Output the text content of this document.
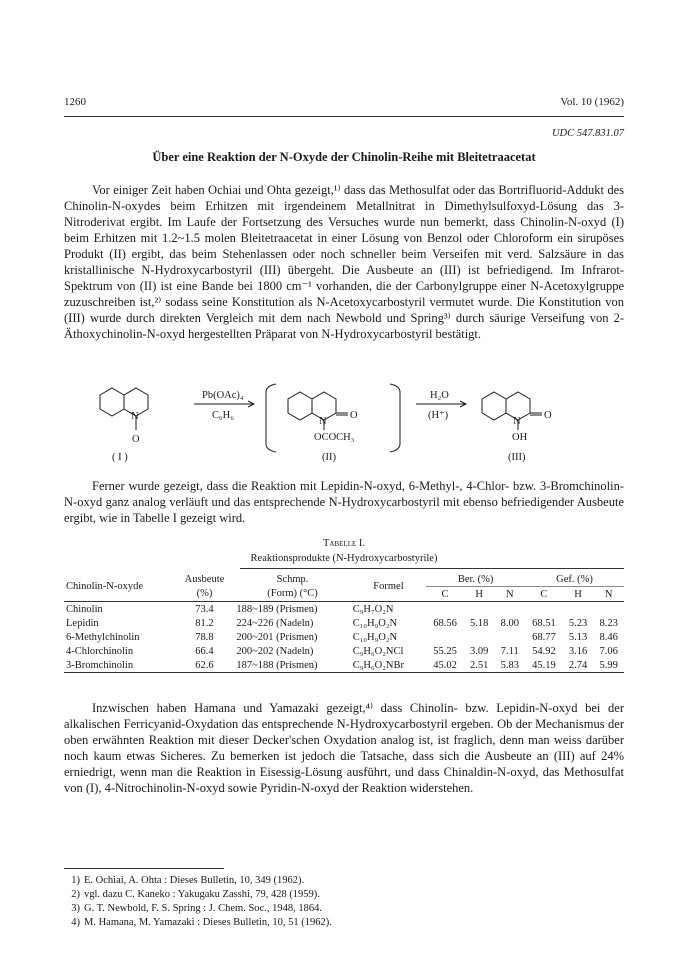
1260	Vol. 10 (1962)
UDC 547.831.07
Über eine Reaktion der N-Oxyde der Chinolin-Reihe mit Bleitetraacetat

Vor einiger Zeit haben Ochiai und Ohta gezeigt,¹⁾ dass das Methosulfat oder das Bortrifluorid-Addukt des Chinolin-N-oxydes beim Erhitzen mit irgendeinem Metallnitrat in Dimethylsulfoxyd-Lösung das 3-Nitroderivat ergibt. Im Laufe der Fortsetzung des Versuches wurde nun bemerkt, dass Chinolin-N-oxyd (I) beim Erhitzen mit 1.2~1.5 molen Bleitetraacetat in einer Lösung von Benzol oder Chloroform ein sirupöses Produkt (II) ergibt, das beim Stehenlassen oder noch schneller beim Verseifen mit verd. Salzsäure in das kristallinische N-Hydroxycarbostyril (III) übergeht. Die Ausbeute an (III) ist befriedigend. Im Infrarot-Spektrum von (II) ist eine Bande bei 1800 cm⁻¹ vorhanden, die der Carbonylgruppe einer N-Acetoxylgruppe zuzuschreiben ist,²⁾ sodass seine Konstitution als N-Acetoxycarbostyril vermutet wurde. Die Konstitution von (III) wurde durch direkten Vergleich mit dem nach Newbold und Spring³⁾ durch säurige Verseifung von 2-Äthoxychinolin-N-oxyd hergestellten Präparat von N-Hydroxycarbostyril bestätigt.

N
O
( I )
Pb(OAc)₄
C₆H₆
N
O
OCOCH₃
(II)
H₂O
(H⁺)
N
O
OH
(III)

Ferner wurde gezeigt, dass die Reaktion mit Lepidin-N-oxyd, 6-Methyl-, 4-Chlor- bzw. 3-Bromchinolin-N-oxyd ganz analog verläuft und das entsprechende N-Hydroxycarbostyril mit ebenso befriedigender Ausbeute ergibt, wie in Tabelle I gezeigt wird.

Tabelle I.
Reaktionsprodukte (N-Hydroxycarbostyrile)
Chinolin-N-oxyde	Ausbeute	Schmp.	Formel	Ber. (%)			Gef. (%)		
	(%)	(Form) (°C)		C	H	N	C	H	N
Chinolin	73.4	188~189 (Prismen)	C₉H₇O₂N						
Lepidin	81.2	224~226 (Nadeln)	C₁₀H₉O₂N	68.56	5.18	8.00	68.51	5.23	8.23
6-Methylchinolin	78.8	200~201 (Prismen)	C₁₀H₉O₂N				68.77	5.13	8.46
4-Chlorchinolin	66.4	200~202 (Nadeln)	C₉H₆O₂NCl	55.25	3.09	7.11	54.92	3.16	7.06
3-Bromchinolin	62.6	187~188 (Prismen)	C₉H₆O₂NBr	45.02	2.51	5.83	45.19	2.74	5.99

Inzwischen haben Hamana und Yamazaki gezeigt,⁴⁾ dass Chinolin- bzw. Lepidin-N-oxyd bei der alkalischen Ferricyanid-Oxydation das entsprechende N-Hydroxycarbostyril ergeben. Ob der Mechanismus der oben erwähnten Reaktion mit dieser Decker'schen Oxydation analog ist, ist fraglich, denn man weiss darüber noch kaum etwas Sicheres. Zu bemerken ist jedoch die Tatsache, dass sich die Ausbeute an (III) auf 24% erniedrigt, wenn man die Reaktion in Eisessig-Lösung ausführt, und dass Chinaldin-N-oxyd, das Methosulfat von (I), 4-Nitrochinolin-N-oxyd sowie Pyridin-N-oxyd der Reaktion widerstehen.

1) E. Ochiai, A. Ohta : Dieses Bulletin, 10, 349 (1962).
2) vgl. dazu C. Kaneko : Yakugaku Zasshi, 79, 428 (1959).
3) G. T. Newbold, F. S. Spring : J. Chem. Soc., 1948, 1864.
4) M. Hamana, M. Yamazaki : Dieses Bulletin, 10, 51 (1962).
